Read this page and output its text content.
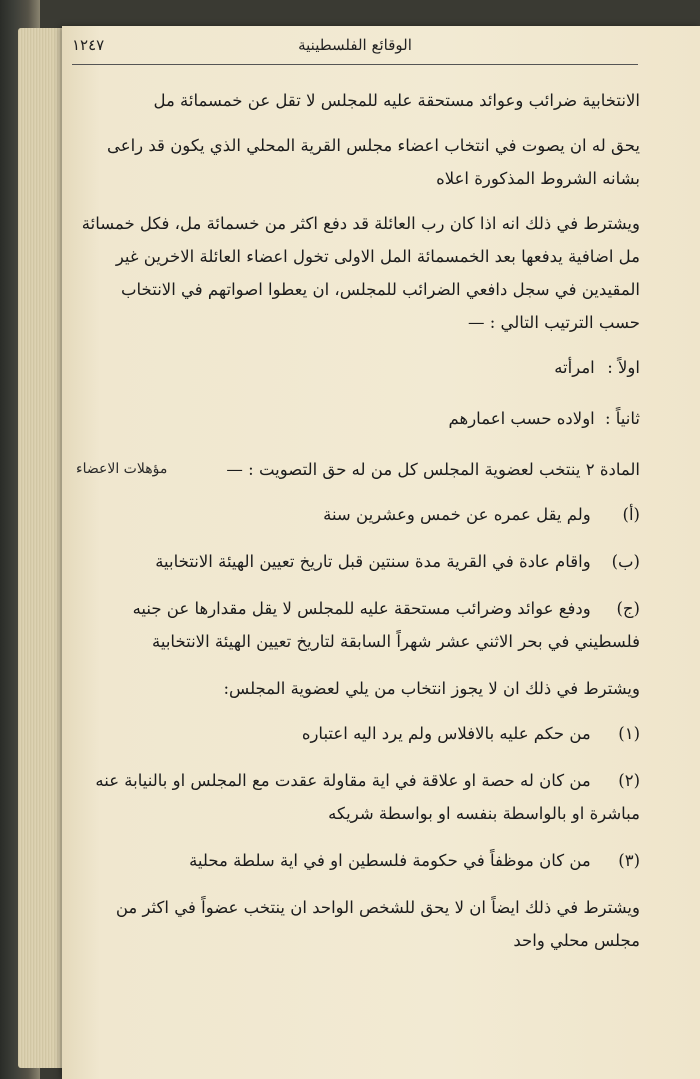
الوقائع الفلسطينية
١٢٤٧

الانتخابية ضرائب وعوائد مستحقة عليه للمجلس لا تقل عن خمسمائة مل

يحق له ان يصوت في انتخاب اعضاء مجلس القرية المحلي الذي يكون قد راعى بشانه الشروط المذكورة اعلاه

ويشترط في ذلك انه اذا كان رب العائلة قد دفع اكثر من خسمائة مل، فكل خمسائة مل اضافية يدفعها بعد الخمسمائة المل الاولى تخول اعضاء العائلة الاخرين غير المقيدين في سجل دافعي الضرائب للمجلس، ان يعطوا اصواتهم في الانتخاب حسب الترتيب التالي : —

اولاً : امرأته
ثانياً : اولاده حسب اعمارهم
المادة ٢ ينتخب لعضوية المجلس كل من له حق التصويت : —
مؤهلات الاعضاء
(أ) ولم يقل عمره عن خمس وعشرين سنة
(ب) واقام عادة في القرية مدة سنتين قبل تاريخ تعيين الهيئة الانتخابية
(ج) ودفع عوائد وضرائب مستحقة عليه للمجلس لا يقل مقدارها عن جنيه فلسطيني في بحر الاثني عشر شهراً السابقة لتاريخ تعيين الهيئة الانتخابية

ويشترط في ذلك ان لا يجوز انتخاب من يلي لعضوية المجلس:

(١) من حكم عليه بالافلاس ولم يرد اليه اعتباره
(٢) من كان له حصة او علاقة في اية مقاولة عقدت مع المجلس او بالنيابة عنه مباشرة او بالواسطة بنفسه او بواسطة شريكه
(٣) من كان موظفاً في حكومة فلسطين او في اية سلطة محلية

ويشترط في ذلك ايضاً ان لا يحق للشخص الواحد ان ينتخب عضواً في اكثر من مجلس محلي واحد
